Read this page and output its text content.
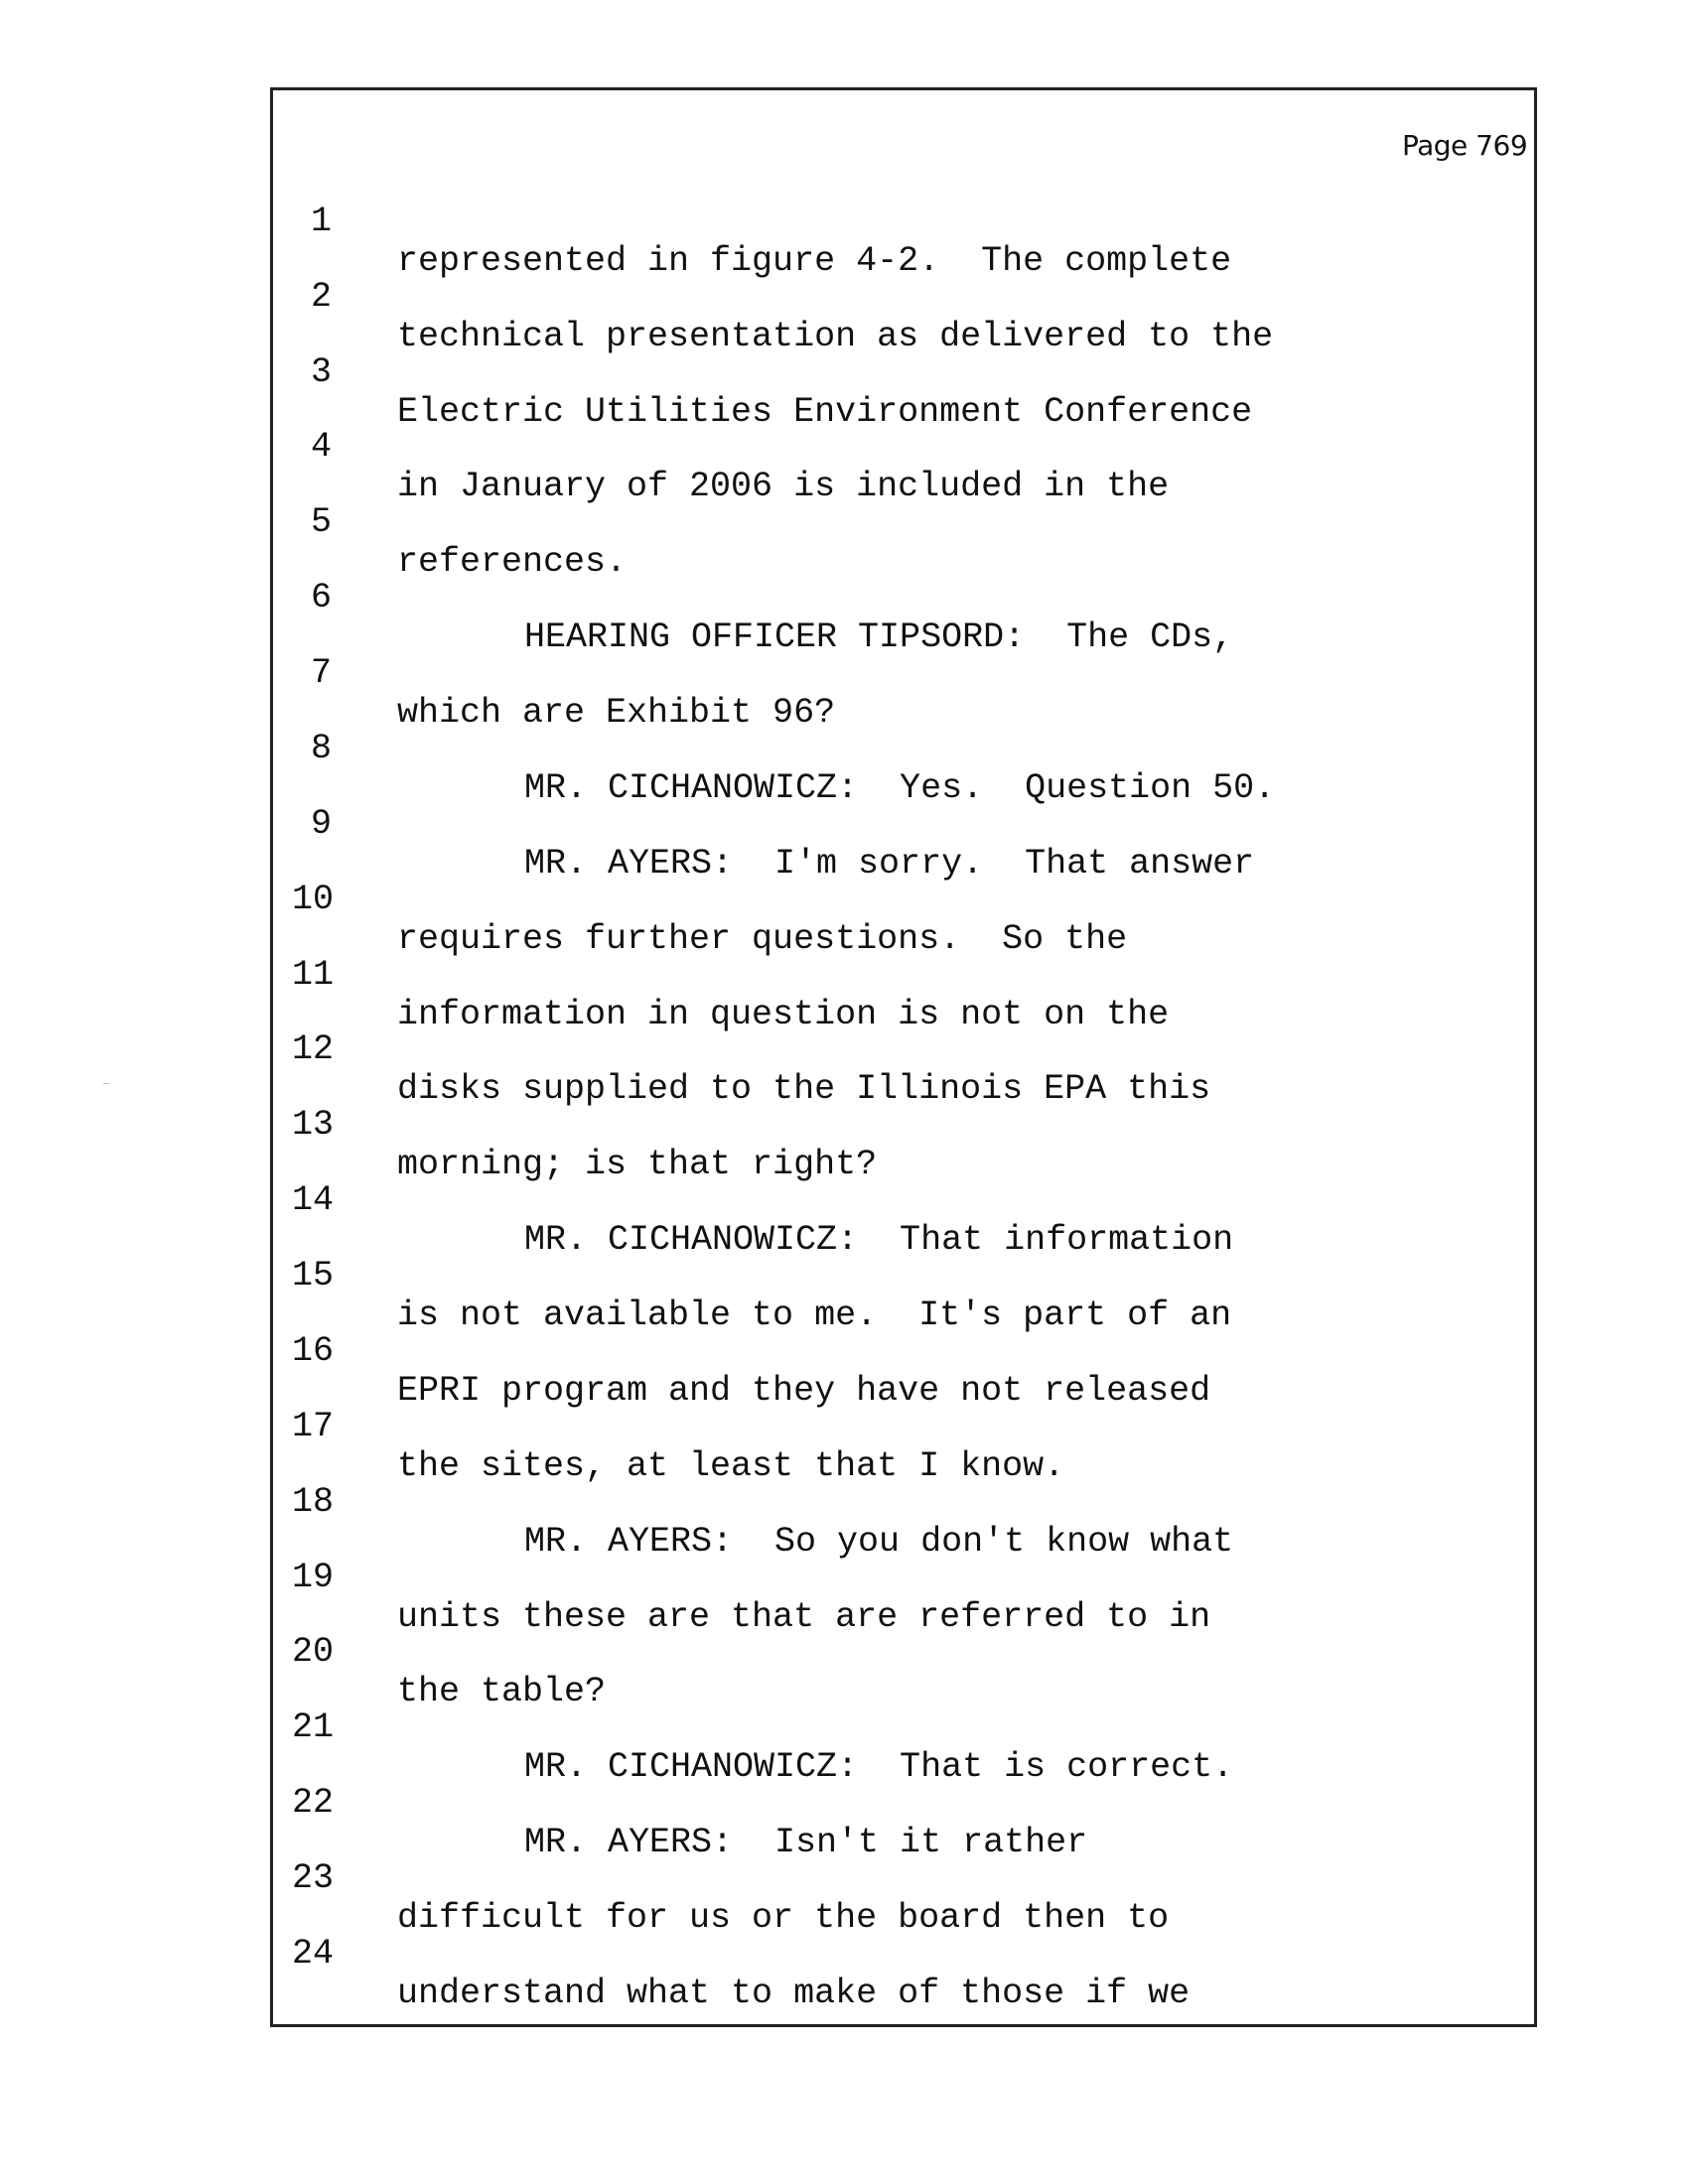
Page 769

1

represented in figure 4-2.  The complete

2

technical presentation as delivered to the

3

Electric Utilities Environment Conference

4

in January of 2006 is included in the

5

references.

6

HEARING OFFICER TIPSORD:  The CDs,

7

which are Exhibit 96?

8

MR. CICHANOWICZ:  Yes.  Question 50.

9

MR. AYERS:  I'm sorry.  That answer

10

requires further questions.  So the

11

information in question is not on the

12

disks supplied to the Illinois EPA this

13

morning; is that right?

14

MR. CICHANOWICZ:  That information

15

is not available to me.  It's part of an

16

EPRI program and they have not released

17

the sites, at least that I know.

18

MR. AYERS:  So you don't know what

19

units these are that are referred to in

20

the table?

21

MR. CICHANOWICZ:  That is correct.

22

MR. AYERS:  Isn't it rather

23

difficult for us or the board then to

24

understand what to make of those if we
